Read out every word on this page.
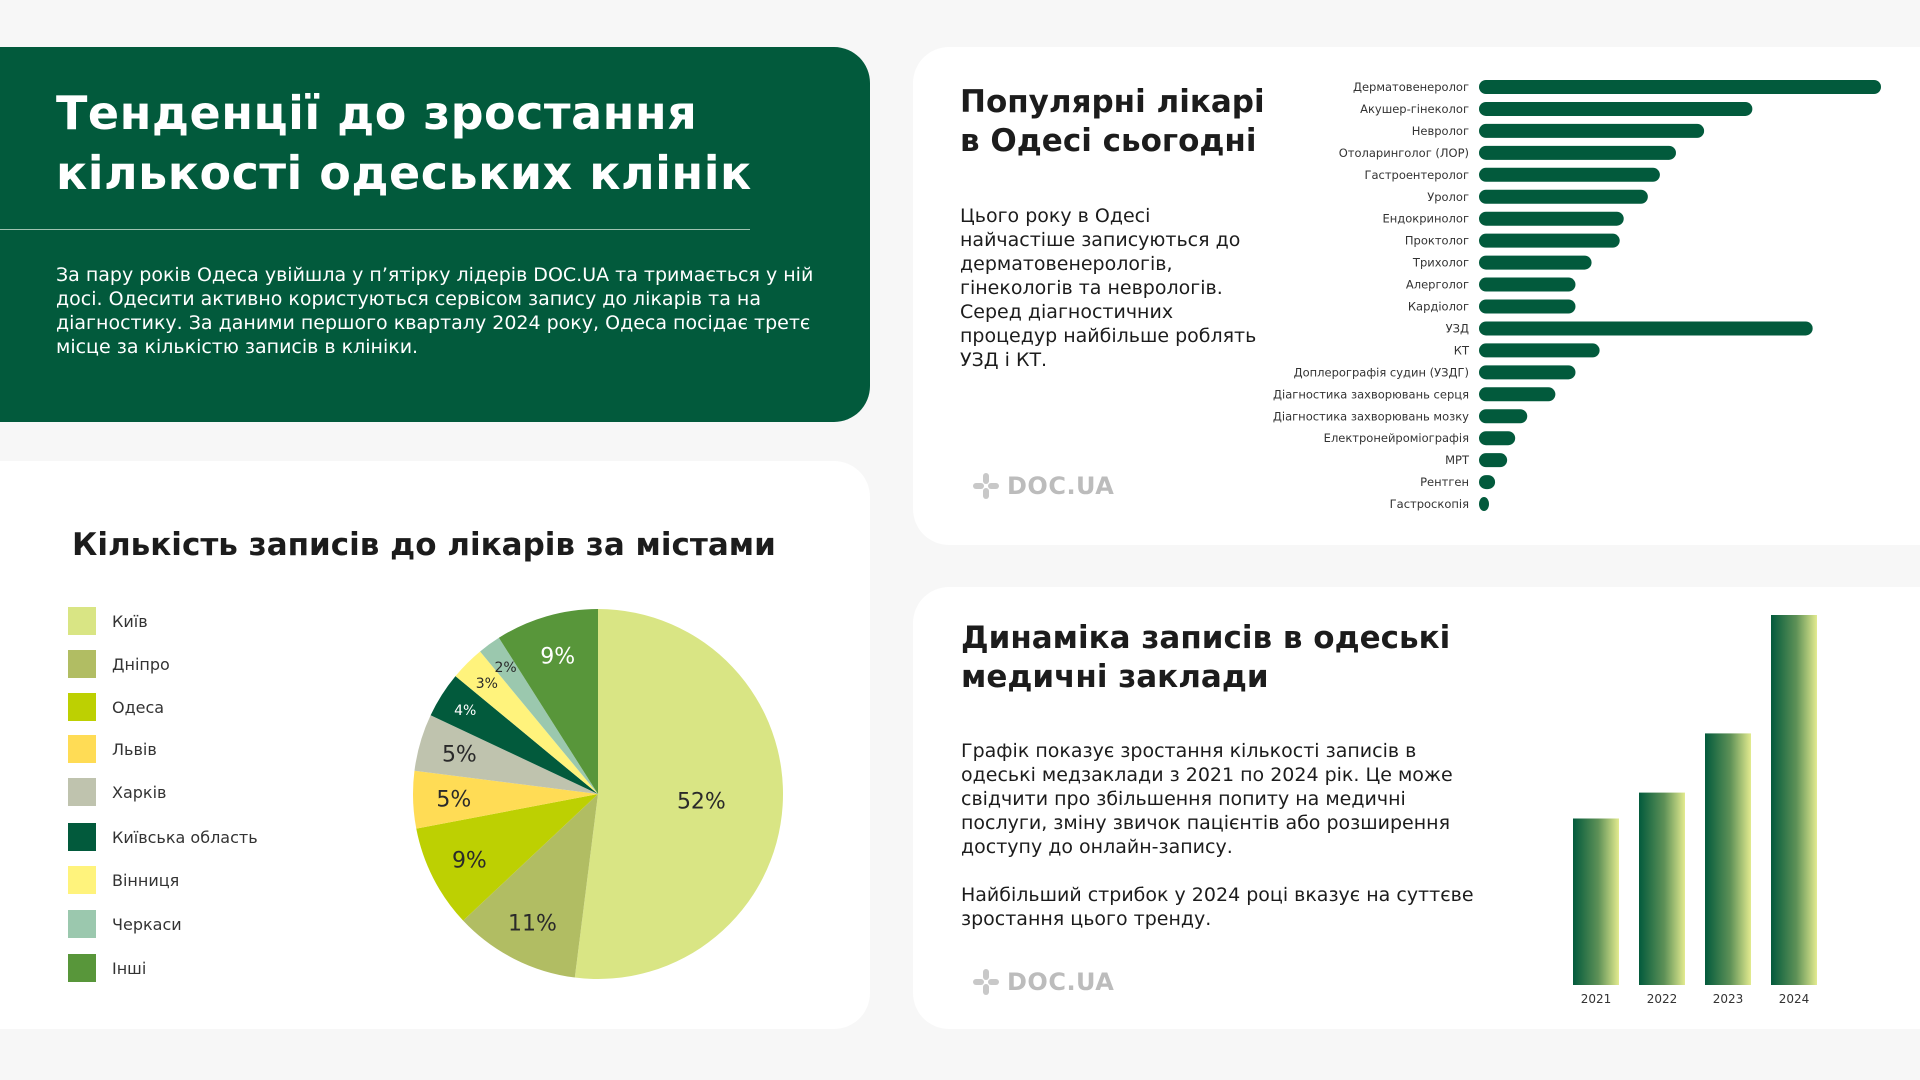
Тенденції до зростання
кількості одеських клінік

За пару років Одеса увійшла у п’ятірку лідерів DOC.UA та тримається у ній досі. Одесити активно користуються сервісом запису до лікарів та на діагностику. За даними першого кварталу 2024 року, Одеса посідає третє місце за кількістю записів в клініки.

Популярні лікарі в Одесі сьогодні

Цього року в Одесі найчастіше записуються до дерматовенерологів, гінекологів та неврологів. Серед діагностичних процедур найбільше роблять УЗД і КТ.

DOC.UA
Дерматовенеролог
Акушер-гінеколог
Невролог
Отоларинголог (ЛОР)
Гастроентеролог
Уролог
Ендокринолог
Проктолог
Трихолог
Алерголог
Кардіолог
УЗД
КТ
Доплерографія судин (УЗДГ)
Діагностика захворювань серця
Діагностика захворювань мозку
Електронейроміографія
МРТ
Рентген
Гастроскопія
Кількість записів до лікарів за містами
Київ
Дніпро
Одеса
Львів
Харків
Київська область
Вінниця
Черкаси
Інші
52%
11%
9%
5%
5%
4%
3%
2% 9%
Динаміка записів в одеські медичні заклади

Графік показує зростання кількості записів в одеські медзаклади з 2021 по 2024 рік. Це може свідчити про збільшення попиту на медичні послуги, зміну звичок пацієнтів або розширення доступу до онлайн-запису.

Найбільший стрибок у 2024 році вказує на суттєве зростання цього тренду.

DOC.UA
2021	2022	2023	2024
